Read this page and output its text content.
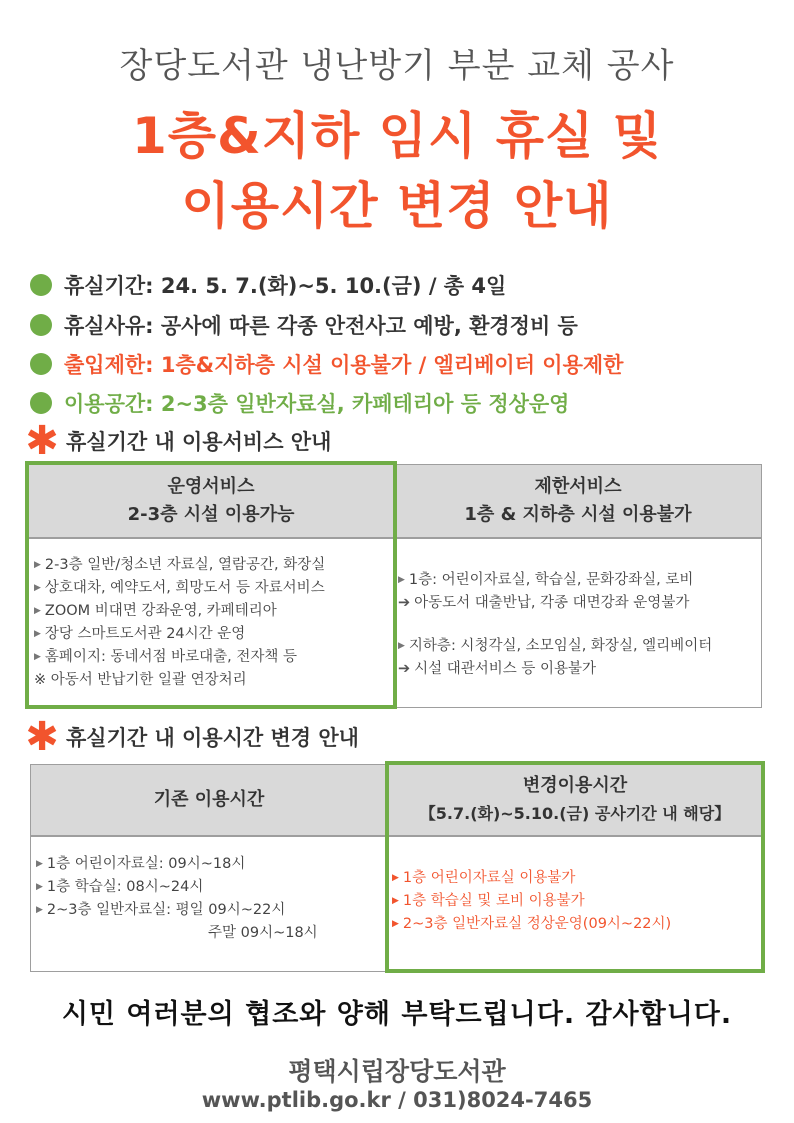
장당도서관 냉난방기 부분 교체 공사
1층&지하 임시 휴실 및
이용시간 변경 안내
휴실기간: 24. 5. 7.(화)~5. 10.(금) / 총 4일
휴실사유: 공사에 따른 각종 안전사고 예방, 환경정비 등
출입제한: 1층&지하층 시설 이용불가 / 엘리베이터 이용제한
이용공간: 2~3층 일반자료실, 카페테리아 등 정상운영
✱ 휴실기간 내 이용서비스 안내
운영서비스
2-3층 시설 이용가능
제한서비스
1층 & 지하층 시설 이용불가
▶ 2-3층 일반/청소년 자료실, 열람공간, 화장실
▶ 상호대차, 예약도서, 희망도서 등 자료서비스
▶ ZOOM 비대면 강좌운영, 카페테리아
▶ 장당 스마트도서관 24시간 운영
▶ 홈페이지: 동네서점 바로대출, 전자책 등
※ 아동서 반납기한 일괄 연장처리
▶ 1층: 어린이자료실, 학습실, 문화강좌실, 로비
➔ 아동도서 대출반납, 각종 대면강좌 운영불가
▶ 지하층: 시청각실, 소모임실, 화장실, 엘리베이터
➔ 시설 대관서비스 등 이용불가
✱ 휴실기간 내 이용시간 변경 안내
기존 이용시간
변경이용시간
【5.7.(화)~5.10.(금) 공사기간 내 해당】
▶ 1층 어린이자료실: 09시~18시
▶ 1층 학습실: 08시~24시
▶ 2~3층 일반자료실: 평일 09시~22시
주말 09시~18시
▶ 1층 어린이자료실 이용불가
▶ 1층 학습실 및 로비 이용불가
▶ 2~3층 일반자료실 정상운영(09시~22시)
시민 여러분의 협조와 양해 부탁드립니다. 감사합니다.
평택시립장당도서관
www.ptlib.go.kr / 031)8024-7465
